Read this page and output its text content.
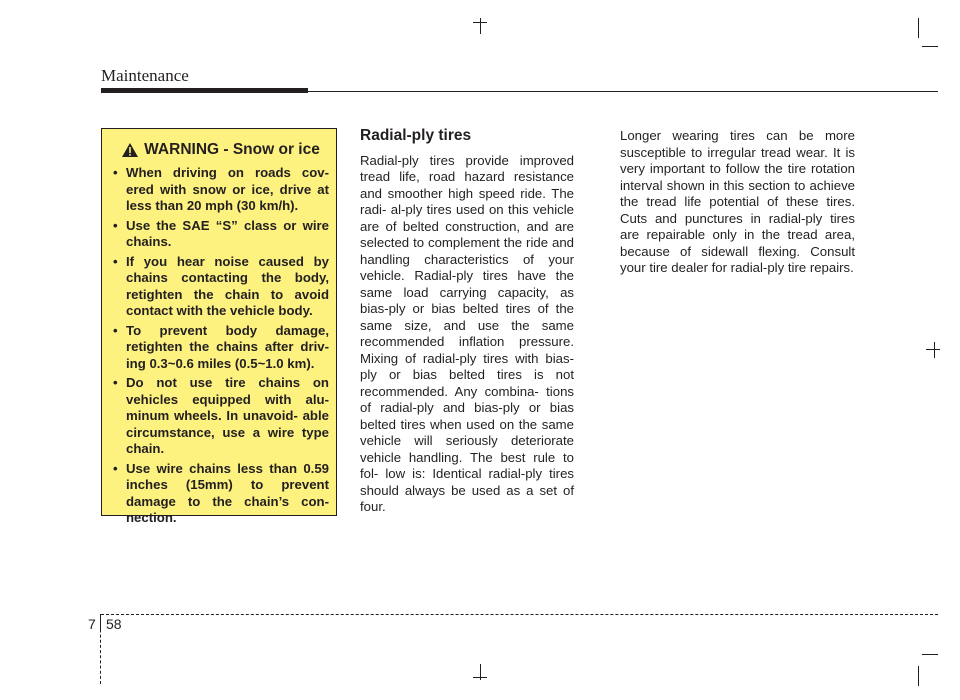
Maintenance
WARNING - Snow or ice
• When driving on roads cov- ered with snow or ice, drive at less than 20 mph (30 km/h).
• Use the SAE “S” class or wire chains.
• If you hear noise caused by chains contacting the body, retighten the chain to avoid contact with the vehicle body.
• To prevent body damage, retighten the chains after driv- ing 0.3~0.6 miles (0.5~1.0 km).
• Do not use tire chains on vehicles equipped with alu- minum wheels. In unavoid- able circumstance, use a wire type chain.
• Use wire chains less than 0.59 inches (15mm) to prevent damage to the chain’s con- nection.
Radial-ply tires

Radial-ply tires provide improved tread life, road hazard resistance and smoother high speed ride. The radi- al-ply tires used on this vehicle are of belted construction, and are selected to complement the ride and handling characteristics of your vehicle. Radial-ply tires have the same load carrying capacity, as bias-ply or bias belted tires of the same size, and use the same recommended inflation pressure. Mixing of radial-ply tires with bias-ply or bias belted tires is not recommended. Any combina- tions of radial-ply and bias-ply or bias belted tires when used on the same vehicle will seriously deteriorate vehicle handling. The best rule to fol- low is: Identical radial-ply tires should always be used as a set of four.

Longer wearing tires can be more susceptible to irregular tread wear. It is very important to follow the tire rotation interval shown in this section to achieve the tread life potential of these tires. Cuts and punctures in radial-ply tires are repairable only in the tread area, because of sidewall flexing. Consult your tire dealer for radial-ply tire repairs.

7 58
